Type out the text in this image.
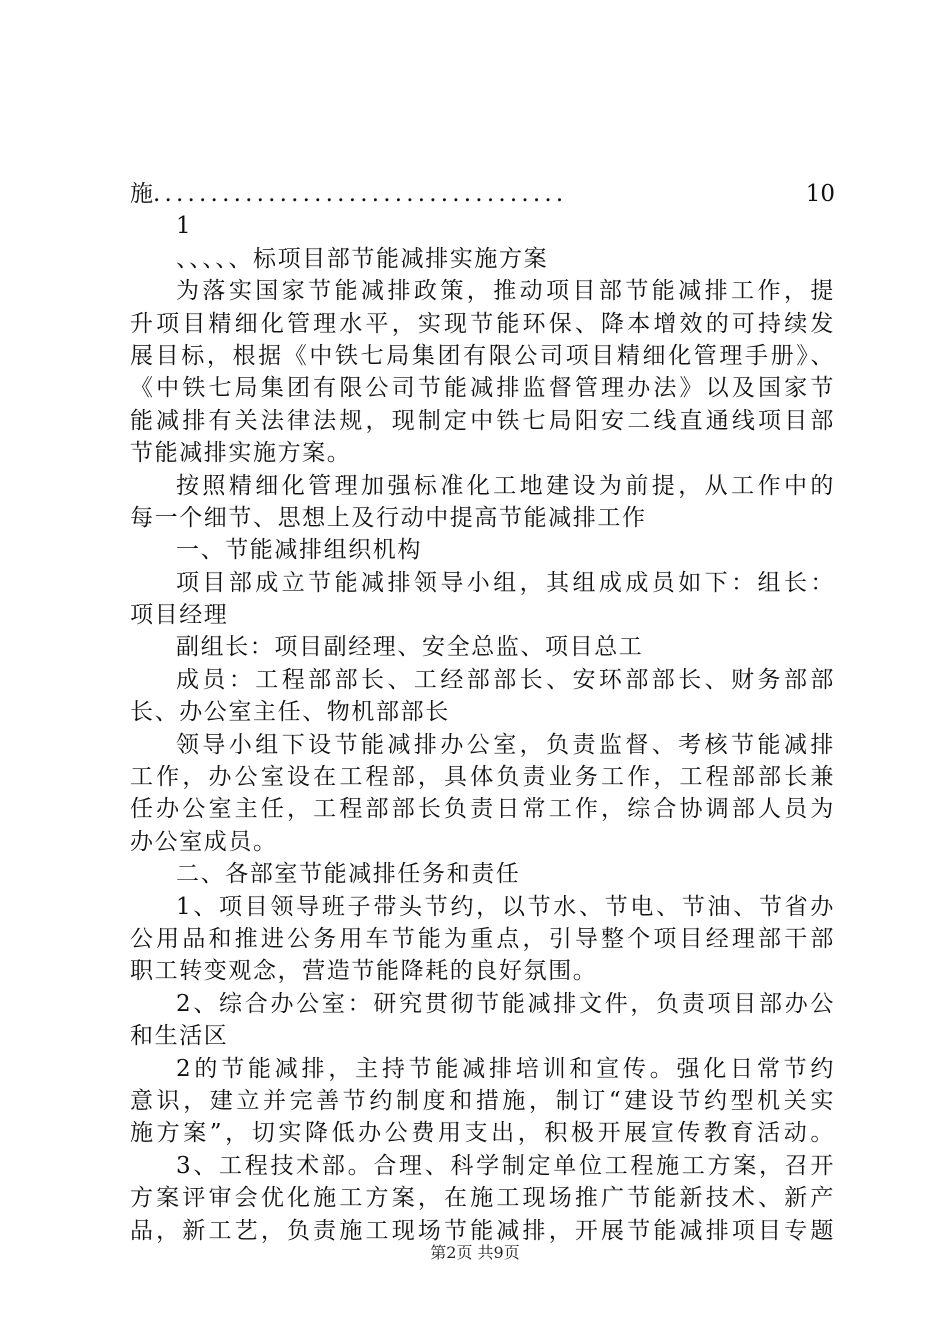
施 ....................................	10
1
、、、、、标项目部节能减排实施方案
为落实国家节能减排政策，推动项目部节能减排工作，提
升项目精细化管理水平，实现节能环保、降本增效的可持续发
展目标，根据《中铁七局集团有限公司项目精细化管理手册》、
《中铁七局集团有限公司节能减排监督管理办法》以及国家节
能减排有关法律法规，现制定中铁七局阳安二线直通线项目部
节能减排实施方案。
按照精细化管理加强标准化工地建设为前提，从工作中的
每一个细节、思想上及行动中提高节能减排工作
一、节能减排组织机构
项目部成立节能减排领导小组，其组成成员如下：组长：
项目经理
副组长：项目副经理、安全总监、项目总工
成员：工程部部长、工经部部长、安环部部长、财务部部
长、办公室主任、物机部部长
领导小组下设节能减排办公室，负责监督、考核节能减排
工作，办公室设在工程部，具体负责业务工作，工程部部长兼
任办公室主任，工程部部长负责日常工作，综合协调部人员为
办公室成员。
二、各部室节能减排任务和责任
1、项目领导班子带头节约，以节水、节电、节油、节省办
公用品和推进公务用车节能为重点，引导整个项目经理部干部
职工转变观念，营造节能降耗的良好氛围。
2、综合办公室：研究贯彻节能减排文件，负责项目部办公
和生活区
2的节能减排，主持节能减排培训和宣传。强化日常节约
意识，建立并完善节约制度和措施，制订“建设节约型机关实
施方案”，切实降低办公费用支出，积极开展宣传教育活动。
3、工程技术部。合理、科学制定单位工程施工方案，召开
方案评审会优化施工方案，在施工现场推广节能新技术、新产
品，新工艺，负责施工现场节能减排，开展节能减排项目专题
第2页 共9页
